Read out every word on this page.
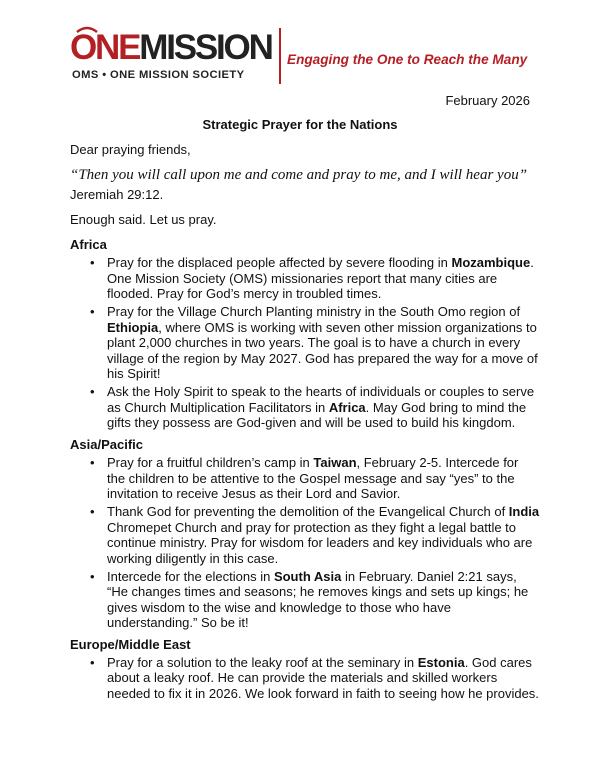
ONEMISSION
OMS • ONE MISSION SOCIETY
Engaging the One to Reach the Many
February 2026
Strategic Prayer for the Nations

Dear praying friends,

“Then you will call upon me and come and pray to me, and I will hear you” Jeremiah 29:12.

Enough said. Let us pray.

Africa

• Pray for the displaced people affected by severe flooding in Mozambique. One Mission Society (OMS) missionaries report that many cities are flooded. Pray for God’s mercy in troubled times.
• Pray for the Village Church Planting ministry in the South Omo region of Ethiopia, where OMS is working with seven other mission organizations to plant 2,000 churches in two years. The goal is to have a church in every village of the region by May 2027. God has prepared the way for a move of his Spirit!
• Ask the Holy Spirit to speak to the hearts of individuals or couples to serve as Church Multiplication Facilitators in Africa. May God bring to mind the gifts they possess are God-given and will be used to build his kingdom.

Asia/Pacific

• Pray for a fruitful children’s camp in Taiwan, February 2-5. Intercede for the children to be attentive to the Gospel message and say “yes” to the invitation to receive Jesus as their Lord and Savior.
• Thank God for preventing the demolition of the Evangelical Church of India Chromepet Church and pray for protection as they fight a legal battle to continue ministry. Pray for wisdom for leaders and key individuals who are working diligently in this case.
• Intercede for the elections in South Asia in February. Daniel 2:21 says, “He changes times and seasons; he removes kings and sets up kings; he gives wisdom to the wise and knowledge to those who have understanding.” So be it!

Europe/Middle East

• Pray for a solution to the leaky roof at the seminary in Estonia. God cares about a leaky roof. He can provide the materials and skilled workers needed to fix it in 2026. We look forward in faith to seeing how he provides.
